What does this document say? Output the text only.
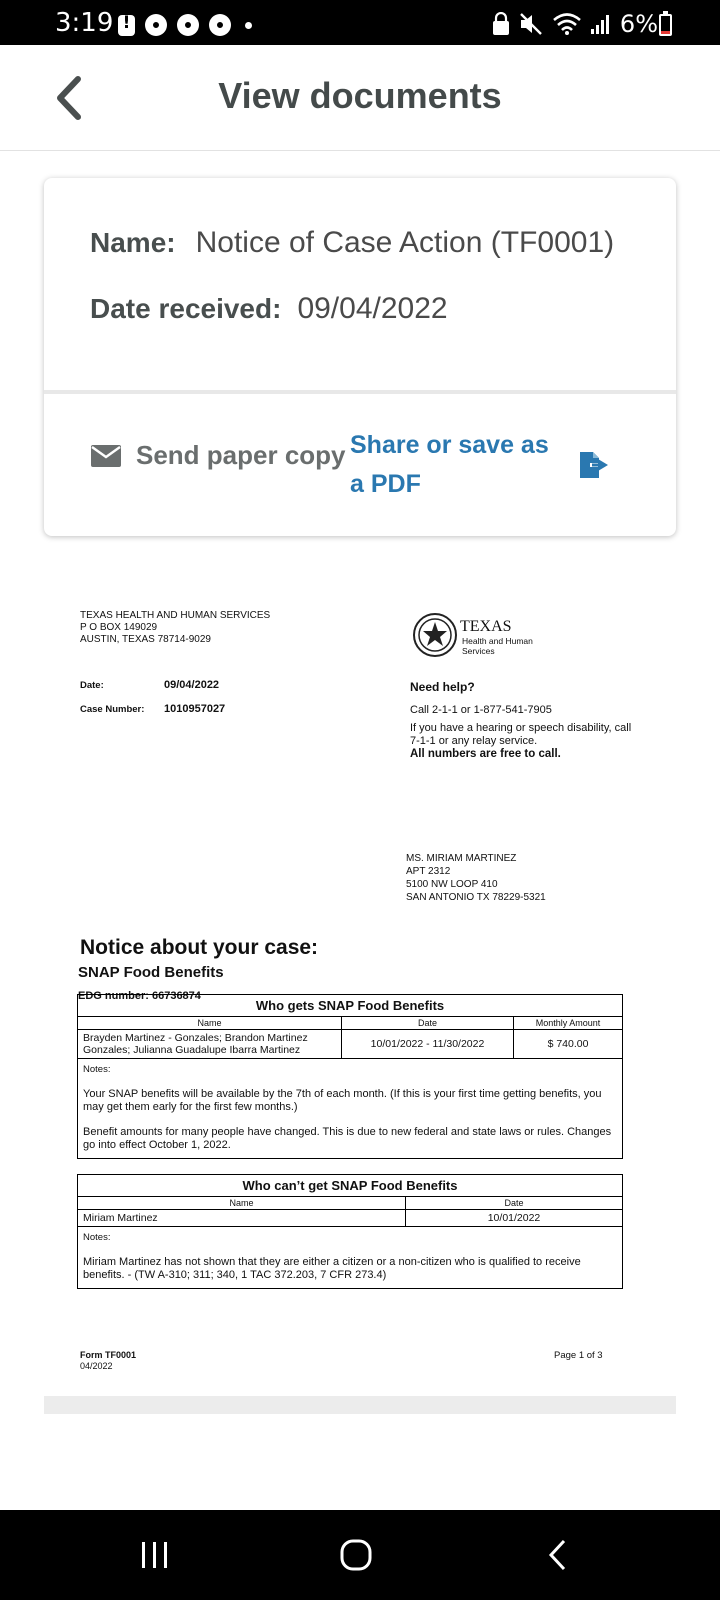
3:19 !	6%
View documents
Name: Notice of Case Action (TF0001)
Date received: 09/04/2022
Send paper copy Share or save as a PDF
TEXAS HEALTH AND HUMAN SERVICES
P O BOX 149029
AUSTIN, TEXAS 78714-9029
TEXAS
Health and Human
Services
Date:	09/04/2022
Case Number: 1010957027
Need help?
Call 2-1-1 or 1-877-541-7905
If you have a hearing or speech disability, call 7-1-1 or any relay service.
All numbers are free to call.
MS. MIRIAM MARTINEZ
APT 2312
5100 NW LOOP 410
SAN ANTONIO TX 78229-5321
Notice about your case:
SNAP Food Benefits
EDG number: 66736874
Who gets SNAP Food Benefits		
Name	Date	Monthly Amount
Brayden Martinez - Gonzales; Brandon Martinez Gonzales; Julianna Guadalupe Ibarra Martinez	10/01/2022 - 11/30/2022	$ 740.00

Notes:
Your SNAP benefits will be available by the 7th of each month. (If this is your first time getting benefits, you may get them early for the first few months.)
Benefit amounts for many people have changed. This is due to new federal and state laws or rules. Changes go into effect October 1, 2022.		
Who can’t get SNAP Food Benefits	
Name	Date
Miriam Martinez	10/01/2022

Notes:
Miriam Martinez has not shown that they are either a citizen or a non-citizen who is qualified to receive benefits. - (TW A-310; 311; 340, 1 TAC 372.203, 7 CFR 273.4)	
Form TF0001
04/2022
Page 1 of 3
